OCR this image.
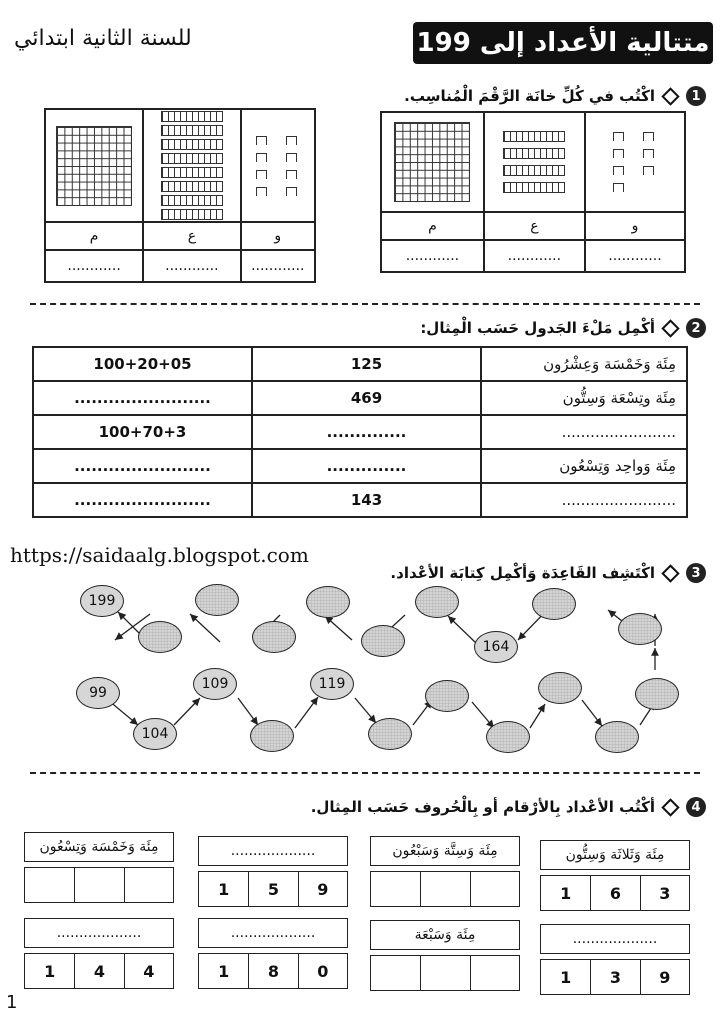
متتالية الأعداد إلى 199
للسنة الثانية ابتدائي
1
اكْتُب في كُلِّ خانَة الرَّقْمَ الْمُناسِب.

م	ع	و
............	............	............

م	ع	و
............	............	............
2
أكْمِل مَلْءَ الجَدول حَسَب الْمِثال:
100+20+05	125	مِئَة وَخَمْسَة وَعِشْرُون
........................	469	مِئَة وتِسْعَة وَسِتُّون
100+70+3	..............	........................
........................	..............	مِئَة وَواحِد وَتِسْعُون
........................	143	........................
https://saidaalg.blogspot.com
3
اكْتَشِف القَاعِدَة وَأكْمِل كِتابَة الأعْداد.
199
164
99
104
109	119
4
أكْتُب الأعْداد بِالأرْقام أو بِالْحُروف حَسَب المِثال.
مِئَة وَثَلاثَة وَسِتُّون
1	6	3
مِئَة وَسِتَّة وَسَبْعُون
...................
1	5	9
مِئَة وَخَمْسَة وَتِسْعُون
...................
1	3	9
مِئَة وَسَبْعَة
...................
1	8	0
...................
1	4	4
1
